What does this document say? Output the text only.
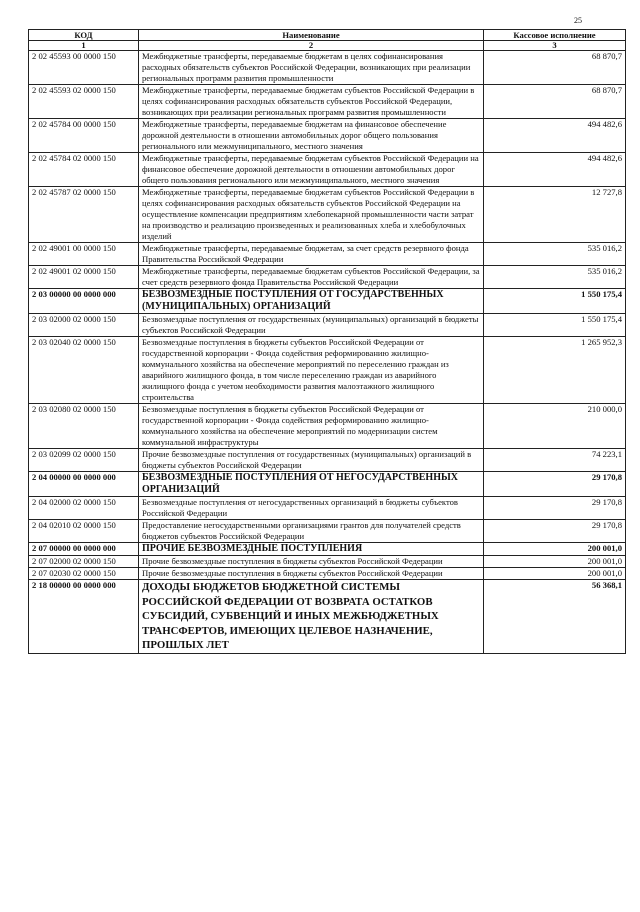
25
КОД	Наименование	Кассовое исполнение
1	2	3
2 02 45593 00 0000 150	Межбюджетные трансферты, передаваемые бюджетам в целях софинансирования расходных обязательств субъектов Российской Федерации, возникающих при реализации региональных программ развития промышленности	68 870,7
2 02 45593 02 0000 150	Межбюджетные трансферты, передаваемые бюджетам субъектов Российской Федерации в целях софинансирования расходных обязательств субъектов Российской Федерации, возникающих при реализации региональных программ развития промышленности	68 870,7
2 02 45784 00 0000 150	Межбюджетные трансферты, передаваемые бюджетам на финансовое обеспечение дорожной деятельности в отношении автомобильных дорог общего пользования регионального или межмуниципального, местного значения	494 482,6
2 02 45784 02 0000 150	Межбюджетные трансферты, передаваемые бюджетам субъектов Российской Федерации на финансовое обеспечение дорожной деятельности в отношении автомобильных дорог общего пользования регионального или межмуниципального, местного значения	494 482,6
2 02 45787 02 0000 150	Межбюджетные трансферты, передаваемые бюджетам субъектов Российской Федерации в целях софинансирования расходных обязательств субъектов Российской Федерации на осуществление компенсации предприятиям хлебопекарной промышленности части затрат на производство и реализацию произведенных и реализованных хлеба и хлебобулочных изделий	12 727,8
2 02 49001 00 0000 150	Межбюджетные трансферты, передаваемые бюджетам, за счет средств резервного фонда Правительства Российской Федерации	535 016,2
2 02 49001 02 0000 150	Межбюджетные трансферты, передаваемые бюджетам субъектов Российской Федерации, за счет средств резервного фонда Правительства Российской Федерации	535 016,2
2 03 00000 00 0000 000	БЕЗВОЗМЕЗДНЫЕ ПОСТУПЛЕНИЯ ОТ ГОСУДАРСТВЕННЫХ (МУНИЦИПАЛЬНЫХ) ОРГАНИЗАЦИЙ	1 550 175,4
2 03 02000 02 0000 150	Безвозмездные поступления от государственных (муниципальных) организаций в бюджеты субъектов Российской Федерации	1 550 175,4
2 03 02040 02 0000 150	Безвозмездные поступления в бюджеты субъектов Российской Федерации от государственной корпорации - Фонда содействия реформированию жилищно-коммунального хозяйства на обеспечение мероприятий по переселению граждан из аварийного жилищного фонда, в том числе переселению граждан из аварийного жилищного фонда с учетом необходимости развития малоэтажного жилищного строительства	1 265 952,3
2 03 02080 02 0000 150	Безвозмездные поступления в бюджеты субъектов Российской Федерации от государственной корпорации - Фонда содействия реформированию жилищно-коммунального хозяйства на обеспечение мероприятий по модернизации систем коммунальной инфраструктуры	210 000,0
2 03 02099 02 0000 150	Прочие безвозмездные поступления от государственных (муниципальных) организаций в бюджеты субъектов Российской Федерации	74 223,1
2 04 00000 00 0000 000	БЕЗВОЗМЕЗДНЫЕ ПОСТУПЛЕНИЯ ОТ НЕГОСУДАРСТВЕННЫХ ОРГАНИЗАЦИЙ	29 170,8
2 04 02000 02 0000 150	Безвозмездные поступления от негосударственных организаций в бюджеты субъектов Российской Федерации	29 170,8
2 04 02010 02 0000 150	Предоставление негосударственными организациями грантов для получателей средств бюджетов субъектов Российской Федерации	29 170,8
2 07 00000 00 0000 000	ПРОЧИЕ БЕЗВОЗМЕЗДНЫЕ ПОСТУПЛЕНИЯ	200 001,0
2 07 02000 02 0000 150	Прочие безвозмездные поступления в бюджеты субъектов Российской Федерации	200 001,0
2 07 02030 02 0000 150	Прочие безвозмездные поступления в бюджеты субъектов Российской Федерации	200 001,0
2 18 00000 00 0000 000	ДОХОДЫ БЮДЖЕТОВ БЮДЖЕТНОЙ СИСТЕМЫ РОССИЙСКОЙ ФЕДЕРАЦИИ ОТ ВОЗВРАТА ОСТАТКОВ СУБСИДИЙ, СУБВЕНЦИЙ И ИНЫХ МЕЖБЮДЖЕТНЫХ ТРАНСФЕРТОВ, ИМЕЮЩИХ ЦЕЛЕВОЕ НАЗНАЧЕНИЕ, ПРОШЛЫХ ЛЕТ	56 368,1
